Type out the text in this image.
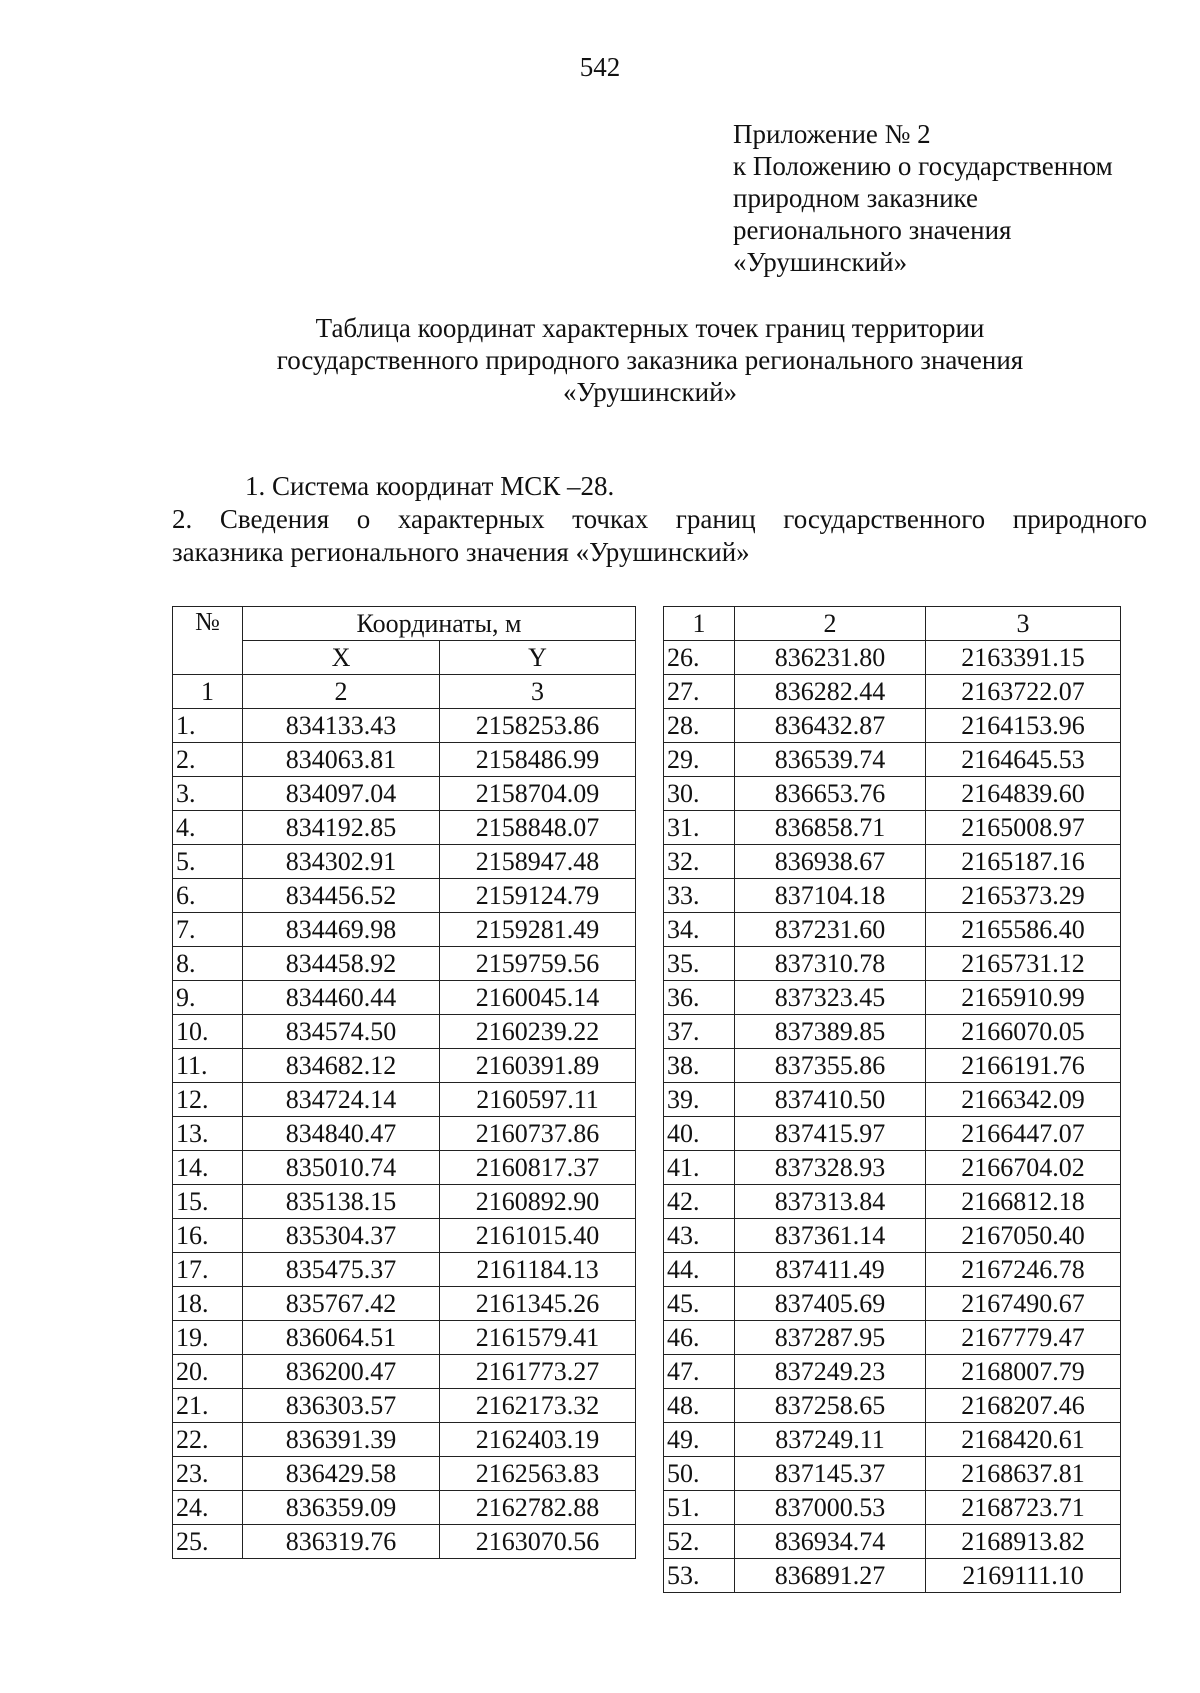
542
Приложение № 2
к Положению о государственном
природном заказнике
регионального значения
«Урушинский»
Таблица координат характерных точек границ территории
государственного природного заказника регионального значения
«Урушинский»
1. Система координат МСК –28.
2. Сведения о характерных точках границ государственного природного
заказника регионального значения «Урушинский»
№	Координаты, м	
	X	Y
1	2	3
1.	834133.43	2158253.86
2.	834063.81	2158486.99
3.	834097.04	2158704.09
4.	834192.85	2158848.07
5.	834302.91	2158947.48
6.	834456.52	2159124.79
7.	834469.98	2159281.49
8.	834458.92	2159759.56
9.	834460.44	2160045.14
10.	834574.50	2160239.22
11.	834682.12	2160391.89
12.	834724.14	2160597.11
13.	834840.47	2160737.86
14.	835010.74	2160817.37
15.	835138.15	2160892.90
16.	835304.37	2161015.40
17.	835475.37	2161184.13
18.	835767.42	2161345.26
19.	836064.51	2161579.41
20.	836200.47	2161773.27
21.	836303.57	2162173.32
22.	836391.39	2162403.19
23.	836429.58	2162563.83
24.	836359.09	2162782.88
25.	836319.76	2163070.56
1	2	3
26.	836231.80	2163391.15
27.	836282.44	2163722.07
28.	836432.87	2164153.96
29.	836539.74	2164645.53
30.	836653.76	2164839.60
31.	836858.71	2165008.97
32.	836938.67	2165187.16
33.	837104.18	2165373.29
34.	837231.60	2165586.40
35.	837310.78	2165731.12
36.	837323.45	2165910.99
37.	837389.85	2166070.05
38.	837355.86	2166191.76
39.	837410.50	2166342.09
40.	837415.97	2166447.07
41.	837328.93	2166704.02
42.	837313.84	2166812.18
43.	837361.14	2167050.40
44.	837411.49	2167246.78
45.	837405.69	2167490.67
46.	837287.95	2167779.47
47.	837249.23	2168007.79
48.	837258.65	2168207.46
49.	837249.11	2168420.61
50.	837145.37	2168637.81
51.	837000.53	2168723.71
52.	836934.74	2168913.82
53.	836891.27	2169111.10
